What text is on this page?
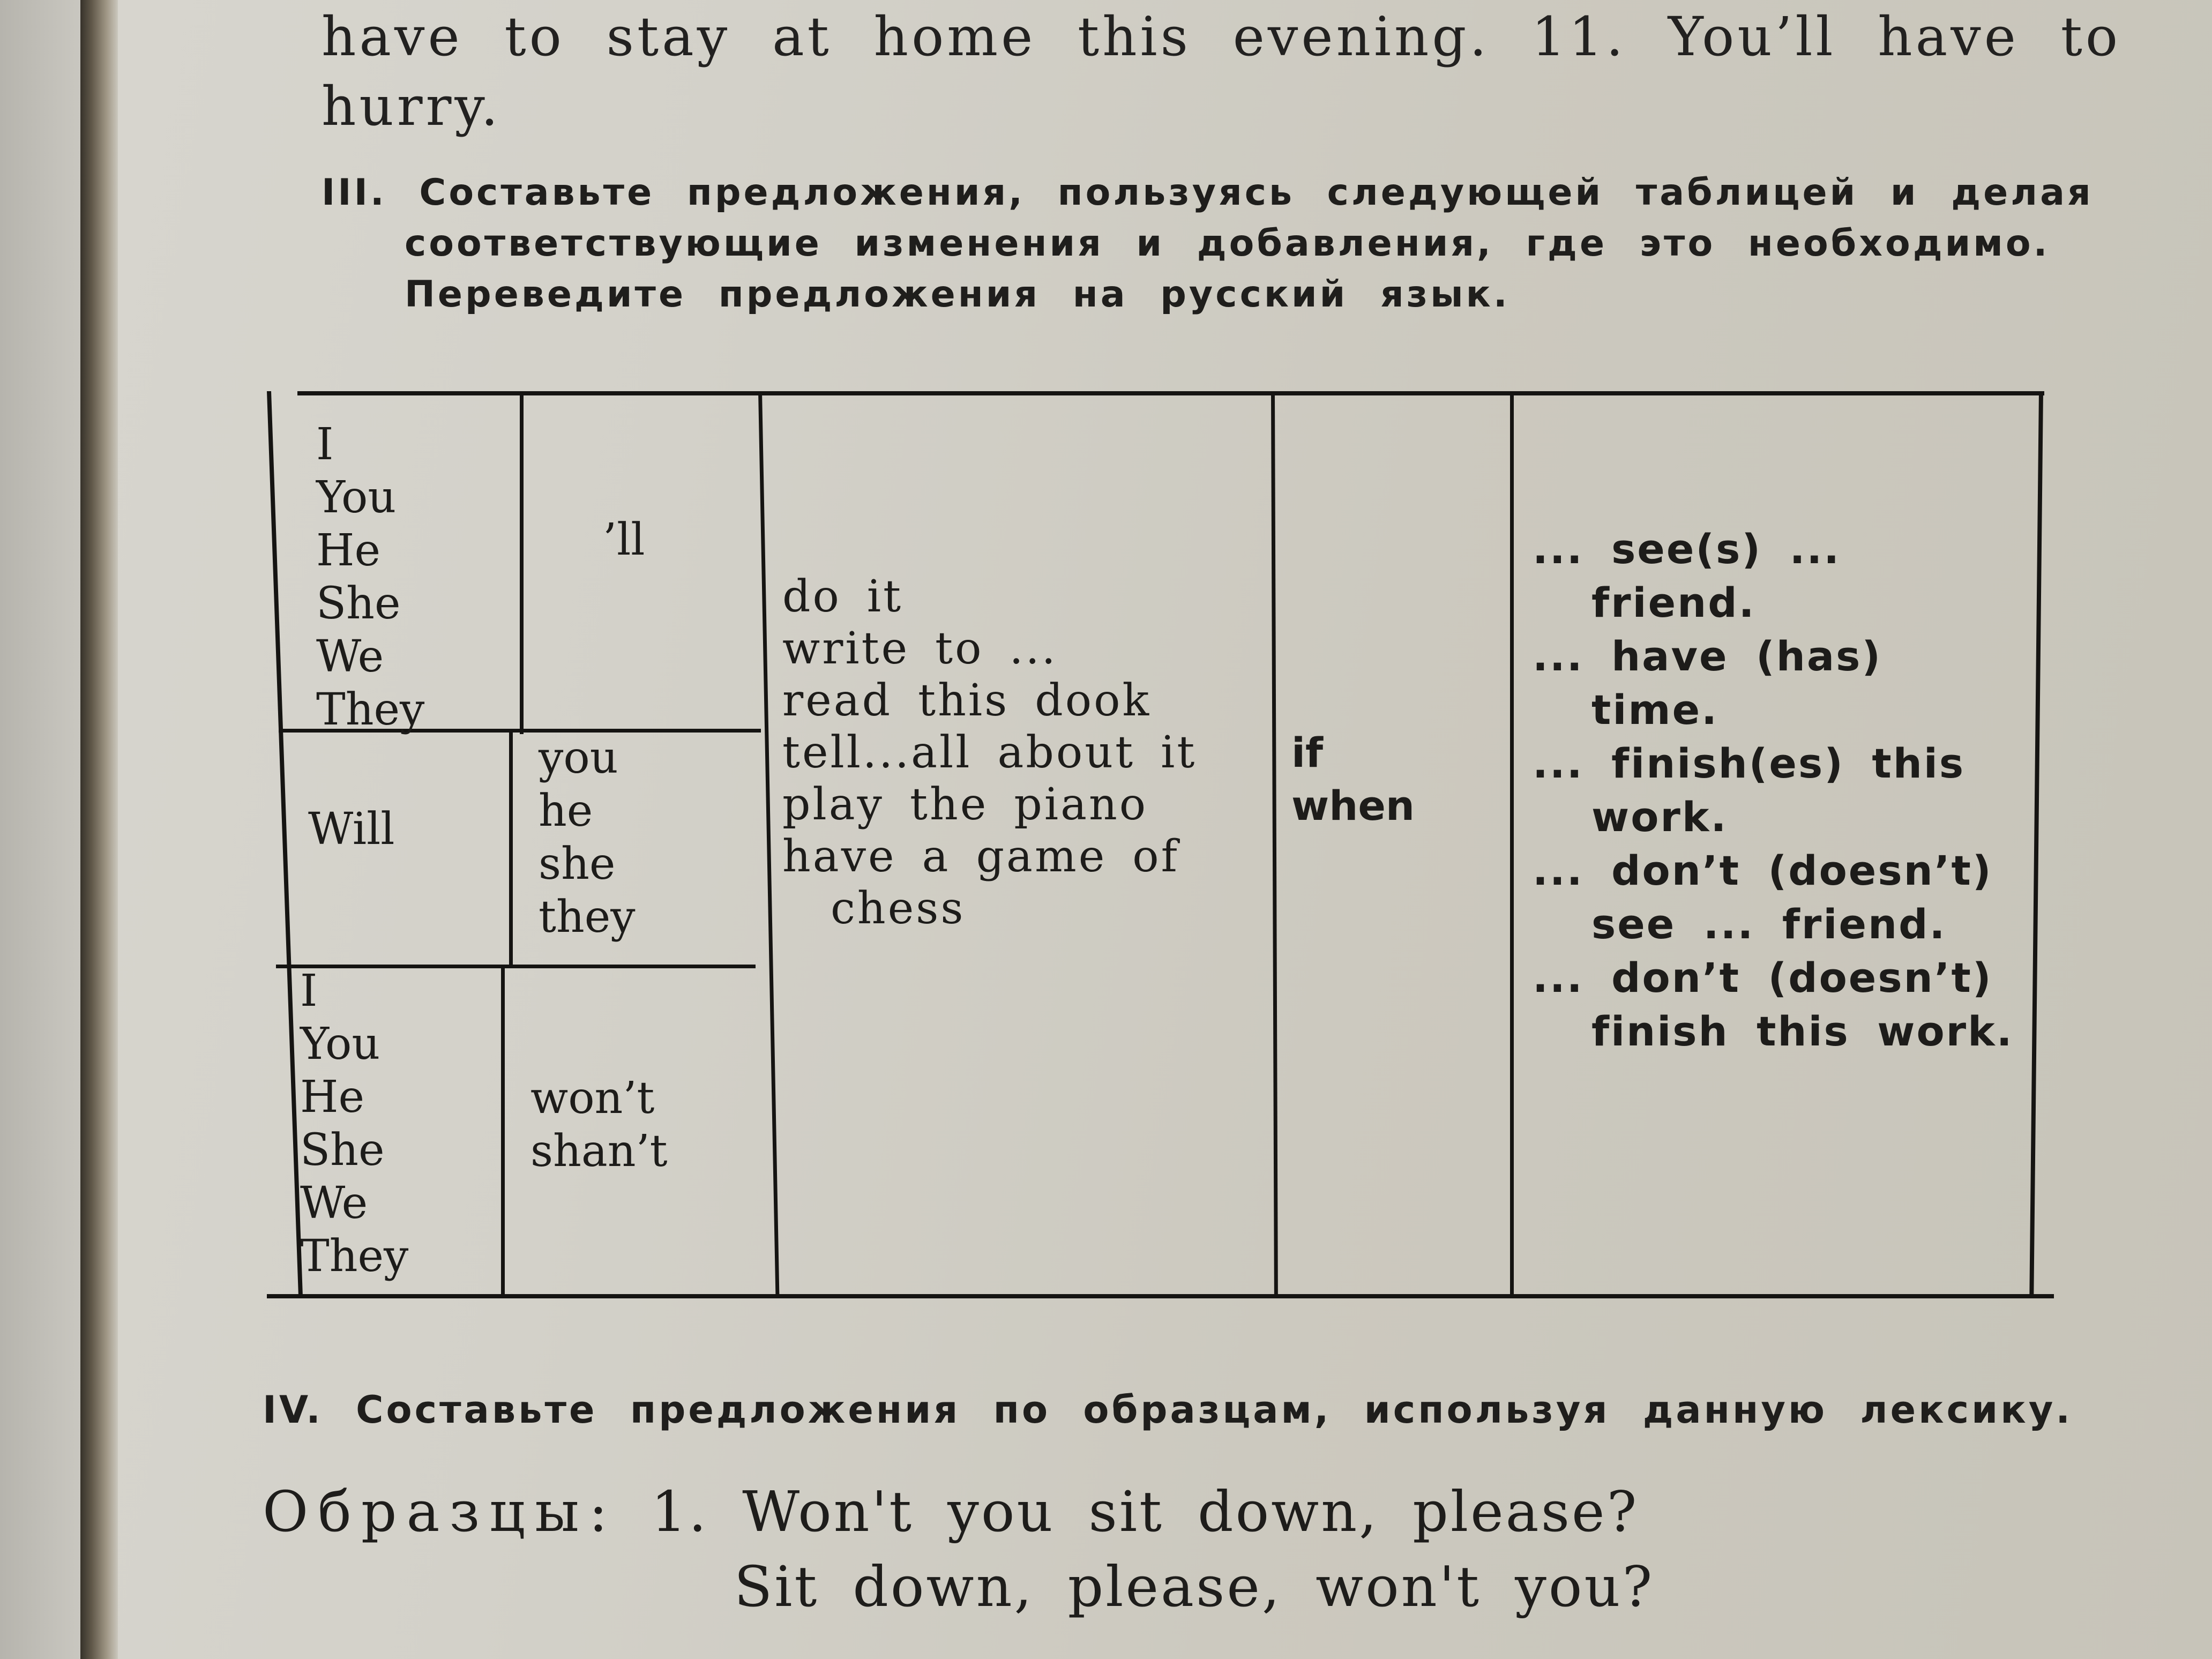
have to stay at home this evening. 11. You’ll have to
hurry.
III. Составьте предложения, пользуясь следующей таблицей и делая
соответствующие изменения и добавления, где это необходимо.
Переведите предложения на русский язык.
I
You
He
She
We
They
’ll
Will
you
he
she
they
I
You
He
She
We
They
won’t
shan’t
do it
write to ...
read this dook
tell...all about it
play the piano
have a game of
chess
if
when
... see(s) ...
friend.
... have (has)
time.
... finish(es) this
work.
... don’t (doesn’t)
see ... friend.
... don’t (doesn’t)
finish this work.
IV. Составьте предложения по образцам, используя данную лексику.
Образцы: 1. Won't you sit down, please?
Sit down, please, won't you?
